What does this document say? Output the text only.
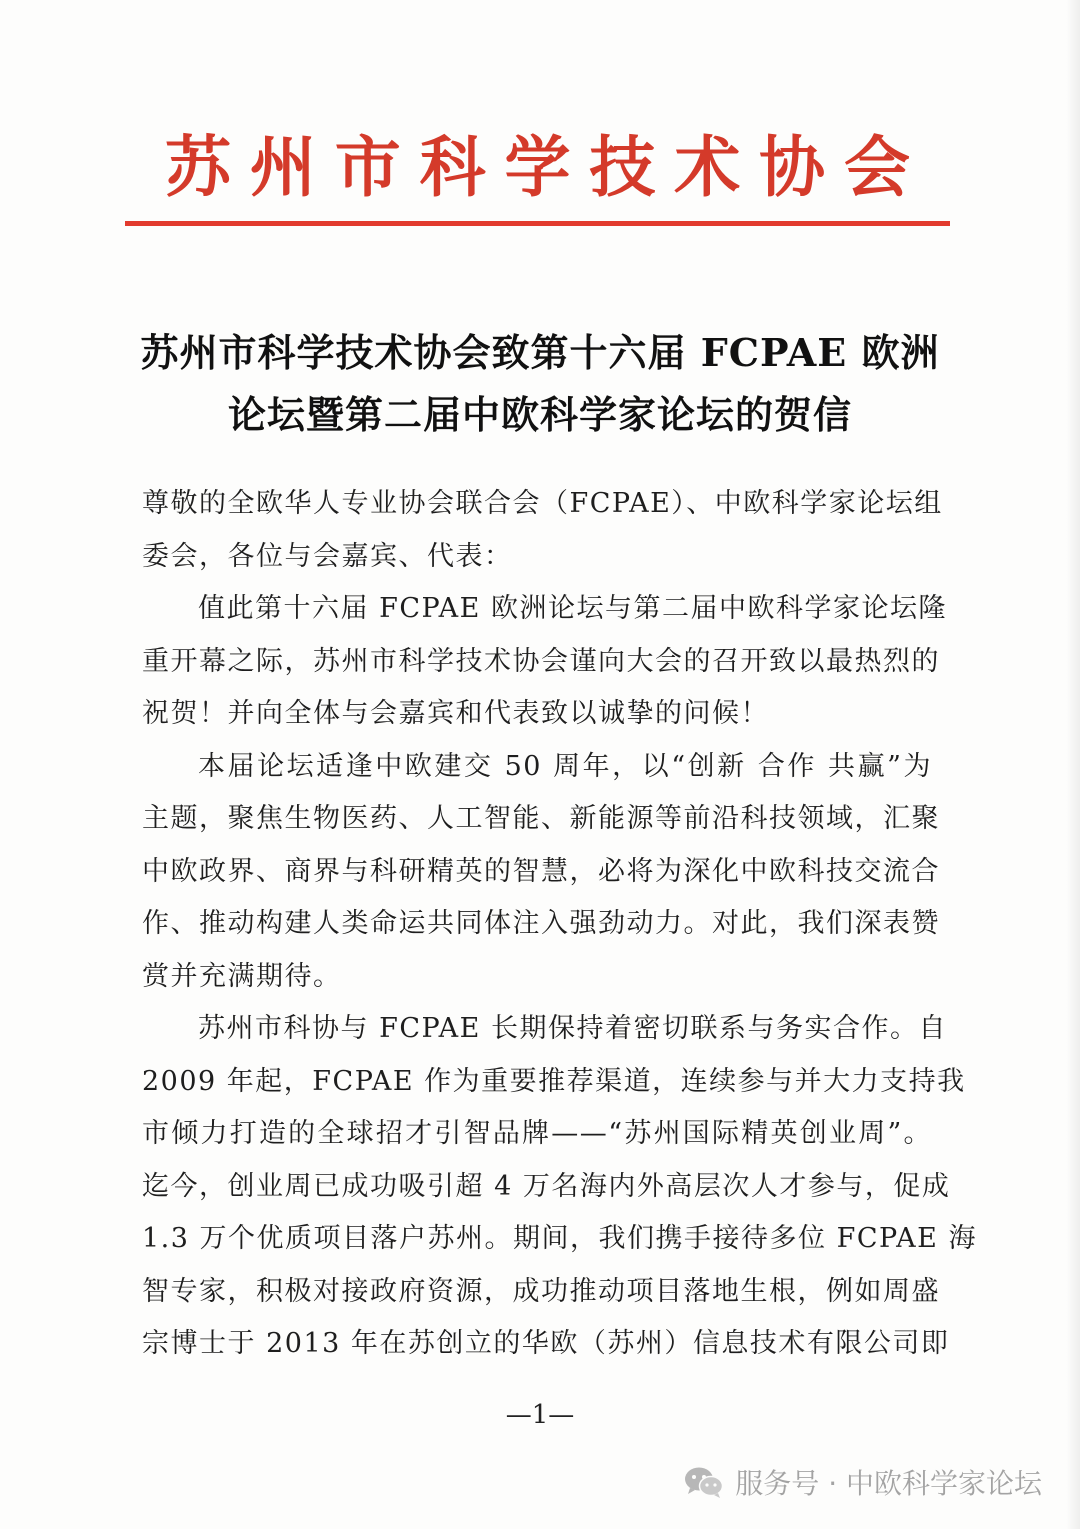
苏 州 市 科 学 技 术 协 会
苏州市科学技术协会致第十六届 FCPAE 欧洲
论坛暨第二届中欧科学家论坛的贺信
尊敬的全欧华人专业协会联合会（FCPAE）、中欧科学家论坛组
委会，各位与会嘉宾、代表：
值此第十六届 FCPAE 欧洲论坛与第二届中欧科学家论坛隆
重开幕之际，苏州市科学技术协会谨向大会的召开致以最热烈的
祝贺！并向全体与会嘉宾和代表致以诚挚的问候！
本届论坛适逢中欧建交 50 周年，以“创新 合作 共赢”为
主题，聚焦生物医药、人工智能、新能源等前沿科技领域，汇聚
中欧政界、商界与科研精英的智慧，必将为深化中欧科技交流合
作、推动构建人类命运共同体注入强劲动力。对此，我们深表赞
赏并充满期待。
苏州市科协与 FCPAE 长期保持着密切联系与务实合作。自
2009 年起，FCPAE 作为重要推荐渠道，连续参与并大力支持我
市倾力打造的全球招才引智品牌——“苏州国际精英创业周”。
迄今，创业周已成功吸引超 4 万名海内外高层次人才参与，促成
1.3 万个优质项目落户苏州。期间，我们携手接待多位 FCPAE 海
智专家，积极对接政府资源，成功推动项目落地生根，例如周盛
宗博士于 2013 年在苏创立的华欧（苏州）信息技术有限公司即
—1—
服务号 · 中欧科学家论坛
